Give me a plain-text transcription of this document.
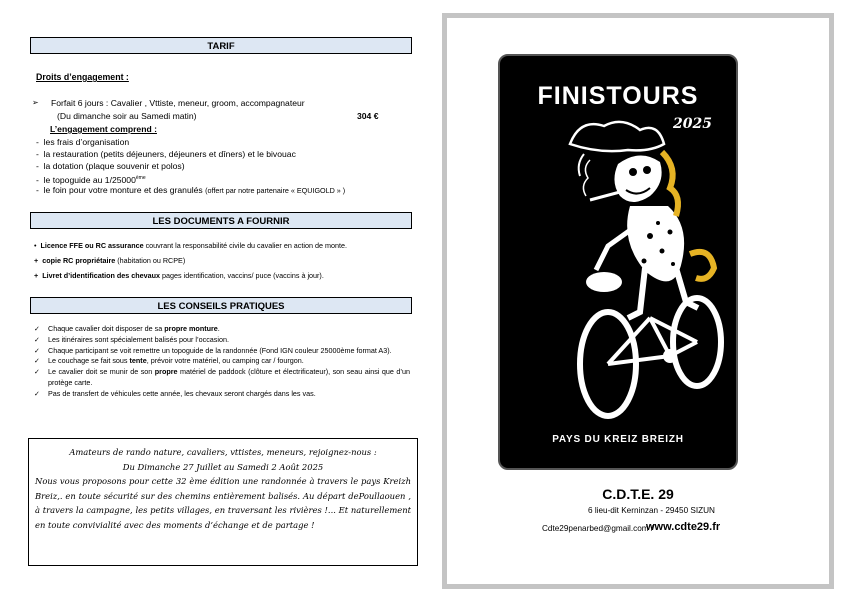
TARIF
Droits d’engagement :
➢ Forfait 6 jours : Cavalier , Vttiste, meneur, groom, accompagnateur
(Du dimanche soir au Samedi matin)	304 €
L’engagement comprend :
-  les frais d’organisation
-  la restauration (petits déjeuners, déjeuners et dîners) et le bivouac
-  la dotation (plaque souvenir et polos)
-  le topoguide au 1/25000ème
-  le foin pour votre monture et des granulés (offert par notre partenaire « EQUIGOLD » )
LES DOCUMENTS A FOURNIR
• Licence FFE ou RC assurance couvrant la responsabilité civile du cavalier en action de monte.
+ copie RC propriétaire (habitation ou RCPE)
+ Livret d’identification des chevaux pages identification, vaccins/ puce (vaccins à jour).
LES CONSEILS PRATIQUES
✓ Chaque cavalier doit disposer de sa propre monture.
✓ Les itinéraires sont spécialement balisés pour l’occasion.
✓ Chaque participant se voit remettre un topoguide de la randonnée (Fond IGN couleur 25000ème format A3).
✓ Le couchage se fait sous tente, prévoir votre matériel, ou camping car / fourgon.
✓ Le cavalier doit se munir de son propre matériel de paddock (clôture et électrificateur), son seau ainsi que d’un protège carte.
✓ Pas de transfert de véhicules cette année, les chevaux seront chargés dans les vas.
Amateurs de rando nature, cavaliers, vttistes, meneurs, rejoignez-nous :
Du Dimanche 27 Juillet au Samedi 2 Août 2025
Nous vous proposons pour cette 32 ème édition une randonnée à travers le pays Kreizh Breiz,. en toute sécurité sur des chemins entièrement balisés. Au départ dePoullaouen , à travers la campagne, les petits villages, en traversant les rivières !... Et naturellement en toute convivialité avec des moments d’échange et de partage !
FINISTOURS
2025
PAYS DU KREIZ BREIZH
C.D.T.E. 29
6 lieu-dit Kerninzan - 29450 SIZUN
Cdte29penarbed@gmail.com /
www.cdte29.fr
